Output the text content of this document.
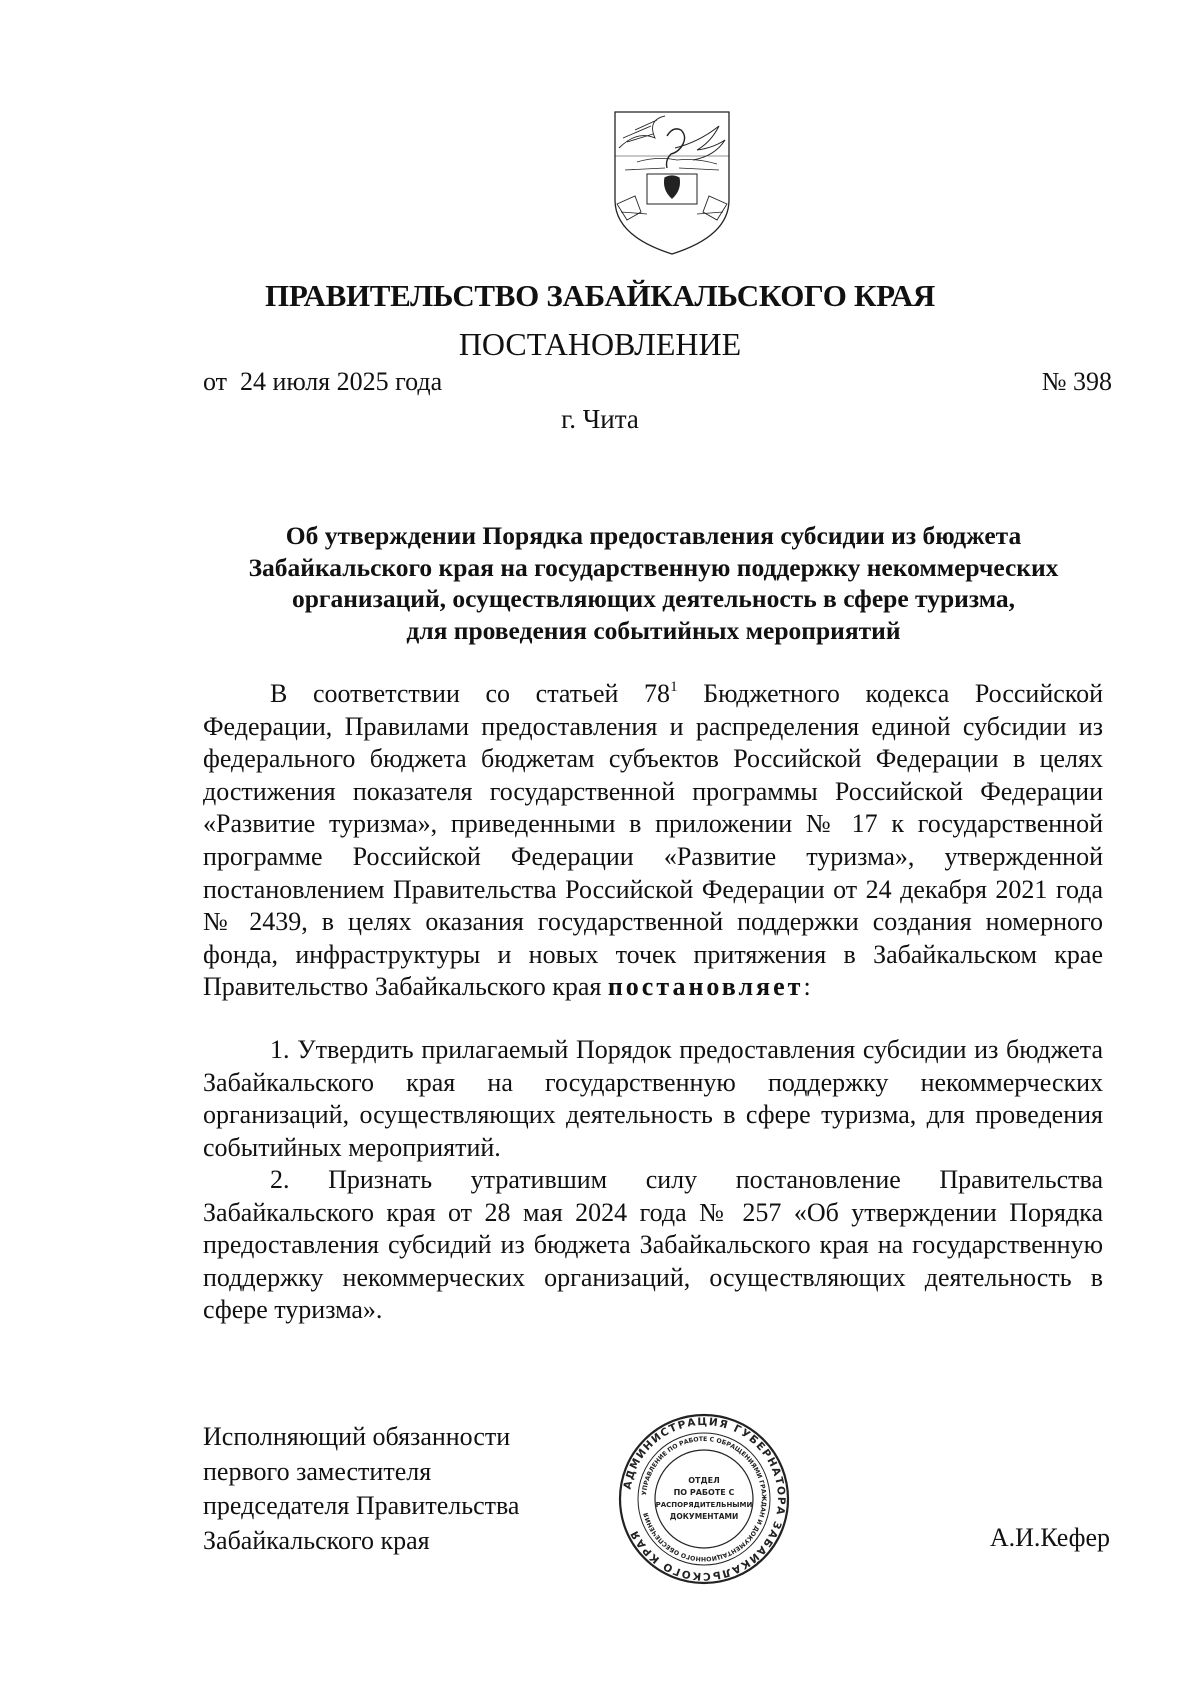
ПРАВИТЕЛЬСТВО ЗАБАЙКАЛЬСКОГО КРАЯ
ПОСТАНОВЛЕНИЕ
от  24 июля 2025 года	№ 398
г. Чита
Об утверждении Порядка предоставления субсидии из бюджета
Забайкальского края на государственную поддержку некоммерческих
организаций, осуществляющих деятельность в сфере туризма,
для проведения событийных мероприятий
В соответствии со статьей $78^1$ Бюджетного кодекса Российской Федерации, Правилами предоставления и распределения единой субсидии из федерального бюджета бюджетам субъектов Российской Федерации в целях достижения показателя государственной программы Российской Федерации «Развитие туризма», приведенными в приложении № 17 к государственной программе Российской Федерации «Развитие туризма», утвержденной постановлением Правительства Российской Федерации от 24 декабря 2021 года № 2439, в целях оказания государственной поддержки создания номерного фонда, инфраструктуры и новых точек притяжения в Забайкальском крае Правительство Забайкальского края постановляет:
1. Утвердить прилагаемый Порядок предоставления субсидии из бюджета Забайкальского края на государственную поддержку некоммерческих организаций, осуществляющих деятельность в сфере туризма, для проведения событийных мероприятий.
2. Признать утратившим силу постановление Правительства Забайкальского края от 28 мая 2024 года № 257 «Об утверждении Порядка предоставления субсидий из бюджета Забайкальского края на государственную поддержку некоммерческих организаций, осуществляющих деятельность в сфере туризма».
Исполняющий обязанности
первого заместителя
председателя Правительства
Забайкальского края
АДМИНИСТРАЦИЯ ГУБЕРНАТОРА ЗАБАЙКАЛЬСКОГО КРАЯ
УПРАВЛЕНИЕ ПО РАБОТЕ С ОБРАЩЕНИЯМИ ГРАЖДАН И ДОКУМЕНТАЦИОННОГО ОБЕСПЕЧЕНИЯ
ОТДЕЛ
ПО РАБОТЕ С
РАСПОРЯДИТЕЛЬНЫМИ
ДОКУМЕНТАМИ
А.И.Кефер
